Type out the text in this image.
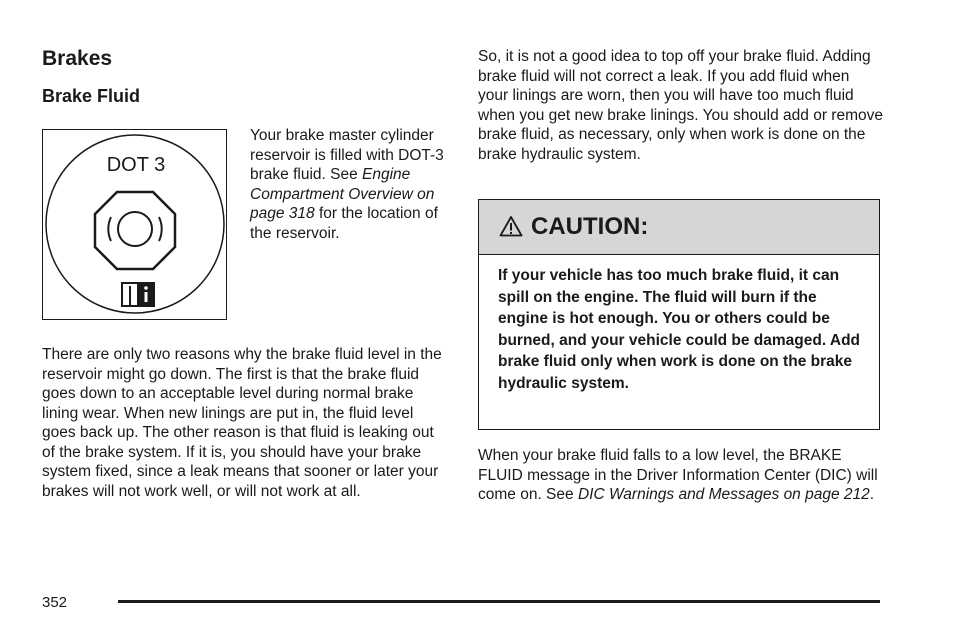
Brakes
Brake Fluid
DOT 3

Your brake master cylinder reservoir is filled with DOT-3 brake fluid. See Engine Compartment Overview on page 318 for the location of the reservoir.

There are only two reasons why the brake fluid level in the reservoir might go down. The first is that the brake fluid goes down to an acceptable level during normal brake lining wear. When new linings are put in, the fluid level goes back up. The other reason is that fluid is leaking out of the brake system. If it is, you should have your brake system fixed, since a leak means that sooner or later your brakes will not work well, or will not work at all.

So, it is not a good idea to top off your brake fluid. Adding brake fluid will not correct a leak. If you add fluid when your linings are worn, then you will have too much fluid when you get new brake linings. You should add or remove brake fluid, as necessary, only when work is done on the brake hydraulic system.

CAUTION:

If your vehicle has too much brake fluid, it can spill on the engine. The fluid will burn if the engine is hot enough. You or others could be burned, and your vehicle could be damaged. Add brake fluid only when work is done on the brake hydraulic system.

When your brake fluid falls to a low level, the BRAKE FLUID message in the Driver Information Center (DIC) will come on. See DIC Warnings and Messages on page 212.

352
